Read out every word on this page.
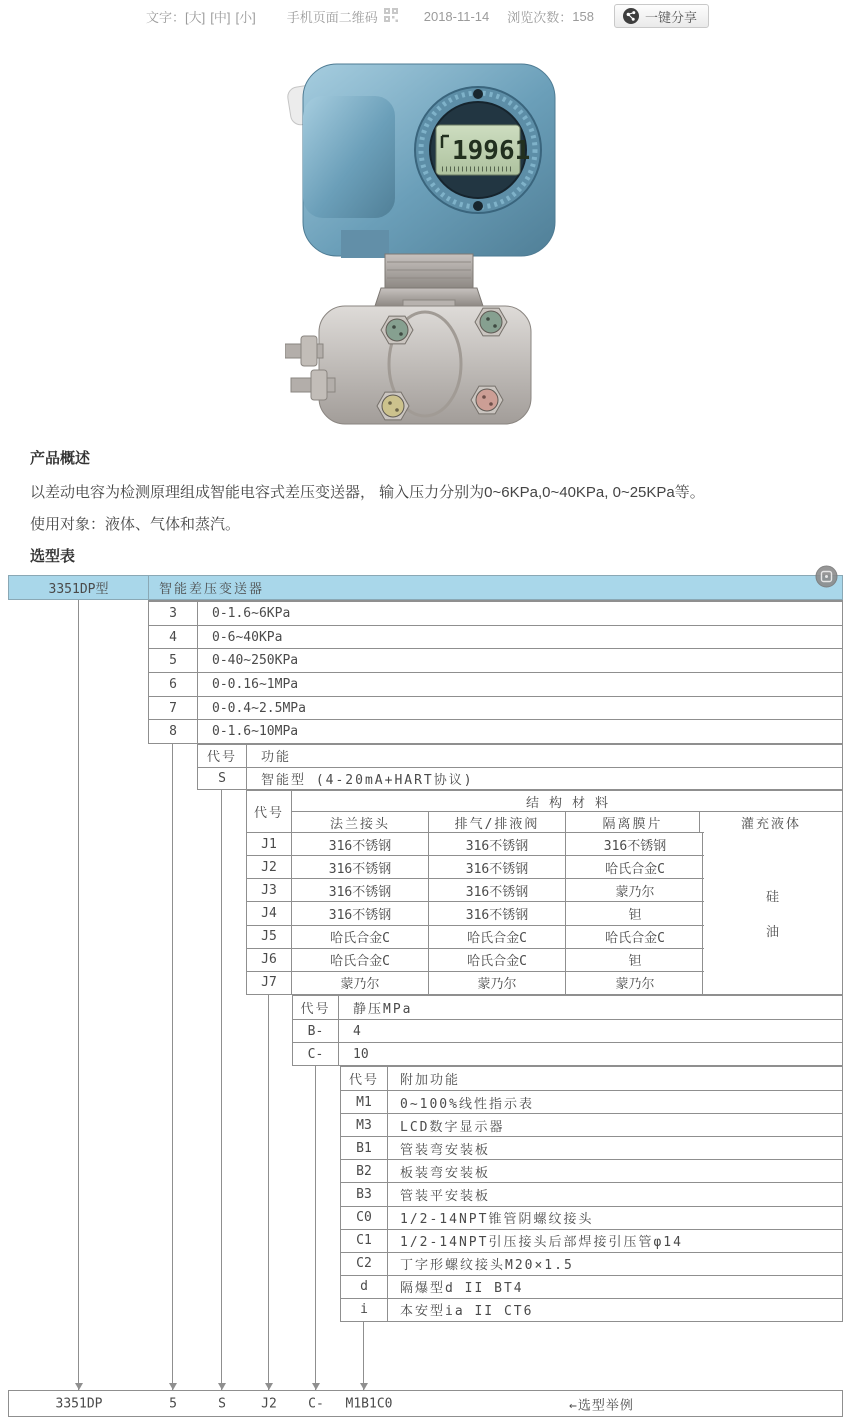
文字： [大] [中] [小] 手机页面二维码	2018-11-14 浏览次数： 158	一键分享
19961
产品概述
以差动电容为检测原理组成智能电容式差压变送器， 输入压力分别为0~6KPa,0~40KPa, 0~25KPa等。
使用对象：液体、气体和蒸汽。
选型表
3351DP型	智能差压变送器
3	0-1.6~6KPa
4	0-6~40KPa
5	0-40~250KPa
6	0-0.16~1MPa
7	0-0.4~2.5MPa
8	0-1.6~10MPa
代号	功能
S	智能型 (4-20mA+HART协议)
代号
结构材料
法兰接头	排气/排液阀	隔离膜片	灌充液体
J1	316不锈钢	316不锈钢	316不锈钢
J2	316不锈钢	316不锈钢	哈氏合金C
J3	316不锈钢	316不锈钢	蒙乃尔
J4	316不锈钢	316不锈钢	钽
J5	哈氏合金C	哈氏合金C	哈氏合金C
J6	哈氏合金C	哈氏合金C	钽
J7	蒙乃尔	蒙乃尔	蒙乃尔
硅
油
代号	静压MPa
B-	4
C-	10
代号	附加功能
M1	0~100%线性指示表
M3	LCD数字显示器
B1	管装弯安装板
B2	板装弯安装板
B3	管装平安装板
C0	1/2-14NPT锥管阴螺纹接头
C1	1/2-14NPT引压接头后部焊接引压管φ14
C2	丁字形螺纹接头M20×1.5
d	隔爆型d II BT4
i	本安型ia II CT6
3351DP	5	S	J2 C- M1B1C0	←选型举例
